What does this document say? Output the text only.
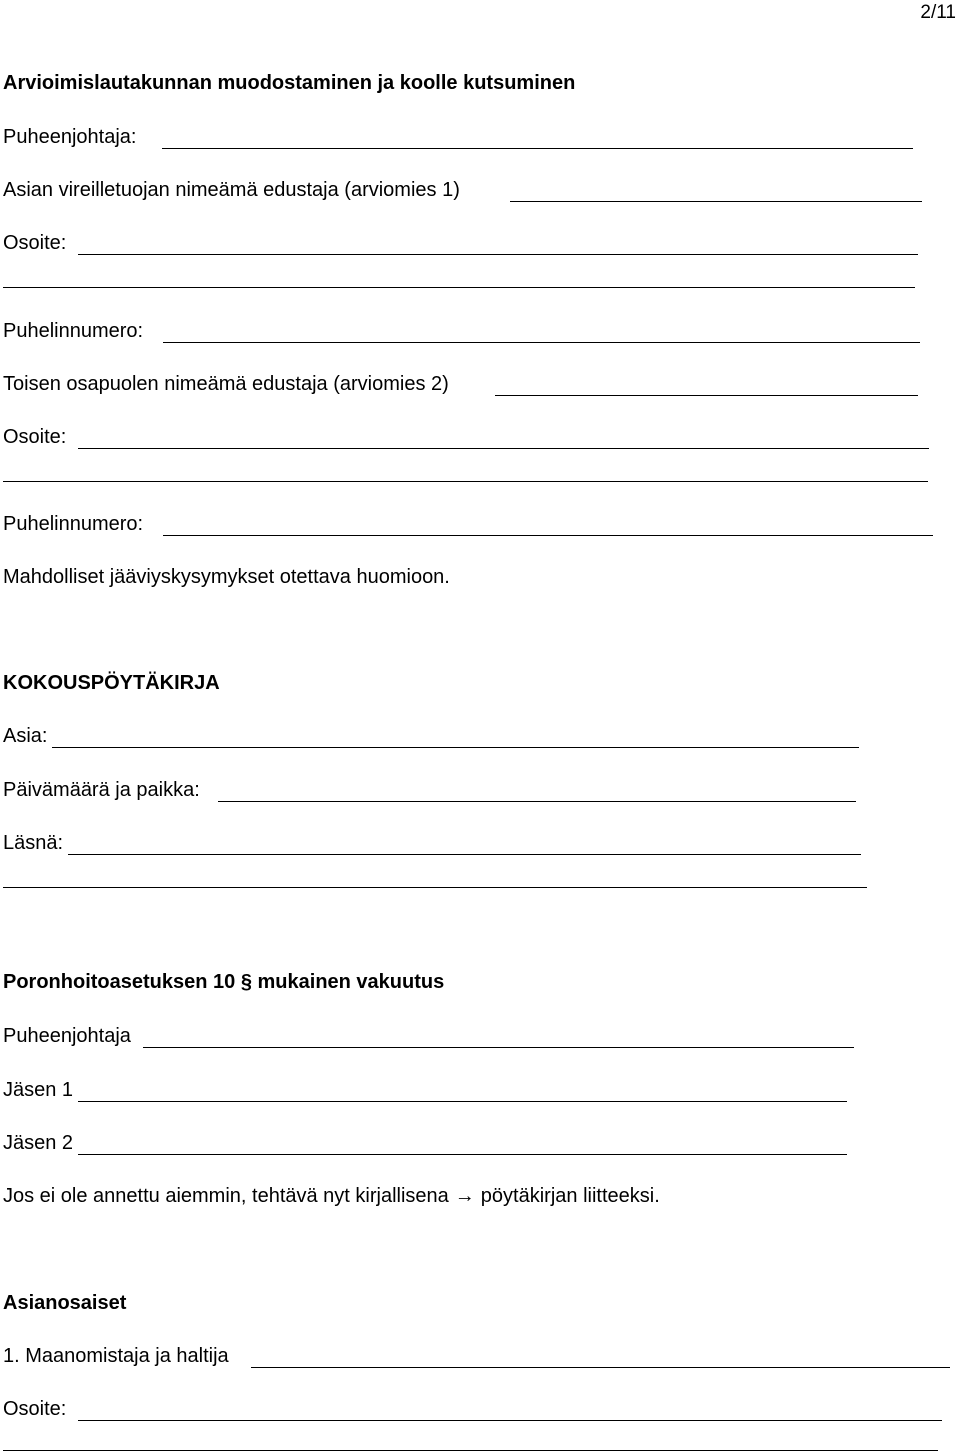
2/11
Arvioimislautakunnan muodostaminen ja koolle kutsuminen
Puheenjohtaja:
Asian vireilletuojan nimeämä edustaja (arviomies 1)
Osoite:
Puhelinnumero:
Toisen osapuolen nimeämä edustaja (arviomies 2)
Osoite:
Puhelinnumero:
Mahdolliset jääviyskysymykset otettava huomioon.
KOKOUSPÖYTÄKIRJA
Asia:
Päivämäärä ja paikka:
Läsnä:
Poronhoitoasetuksen 10 § mukainen vakuutus
Puheenjohtaja
Jäsen 1
Jäsen 2
Jos ei ole annettu aiemmin, tehtävä nyt kirjallisena → pöytäkirjan liitteeksi.
Asianosaiset
1. Maanomistaja ja haltija
Osoite:
